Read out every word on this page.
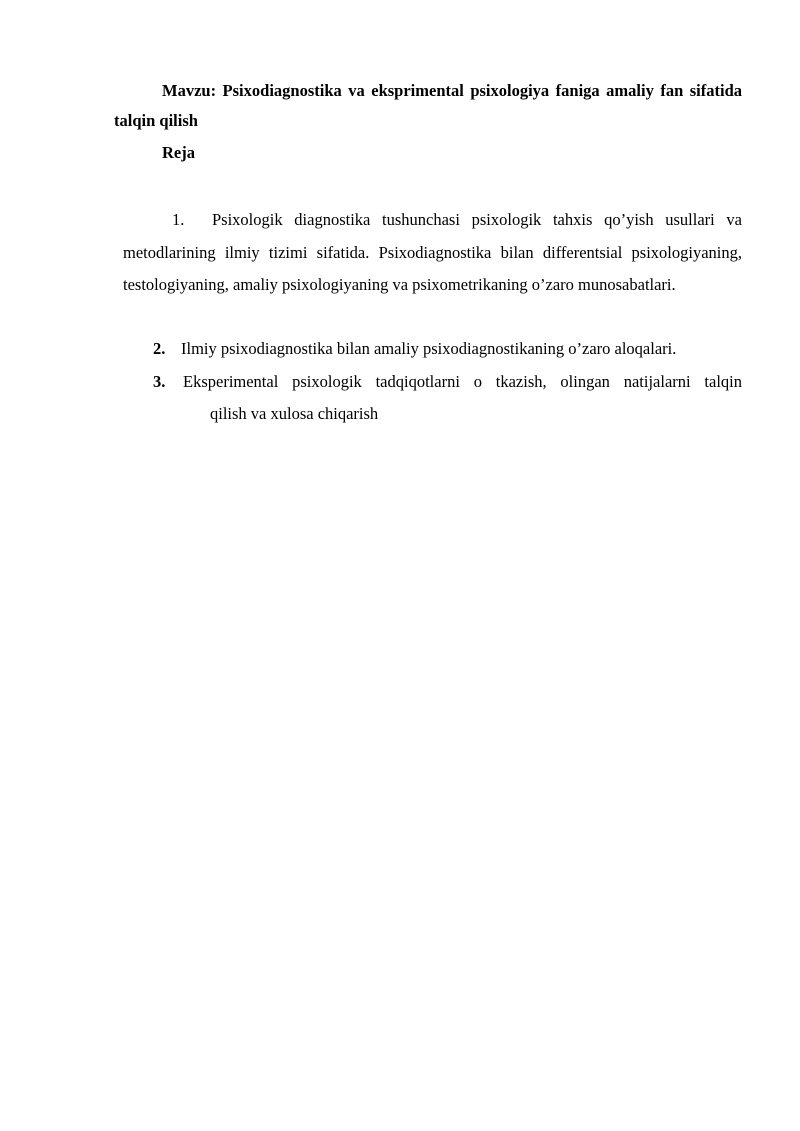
Mavzu: Psixodiagnostika va eksprimental psixologiya faniga amaliy fan sifatida talqin qilish

Reja

1. Psixologik diagnostika tushunchasi psixologik tahxis qo’yish usullari va metodlarining ilmiy tizimi sifatida. Psixodiagnostika bilan differentsial psixologiyaning, testologiyaning, amaliy psixologiyaning va psixometrikaning o’zaro munosabatlari.

2. Ilmiy psixodiagnostika bilan amaliy psixodiagnostikaning o’zaro aloqalari.

3. Eksperimental psixologik tadqiqotlarni o tkazish, olingan natijalarni talqin
qilish va xulosa chiqarish
